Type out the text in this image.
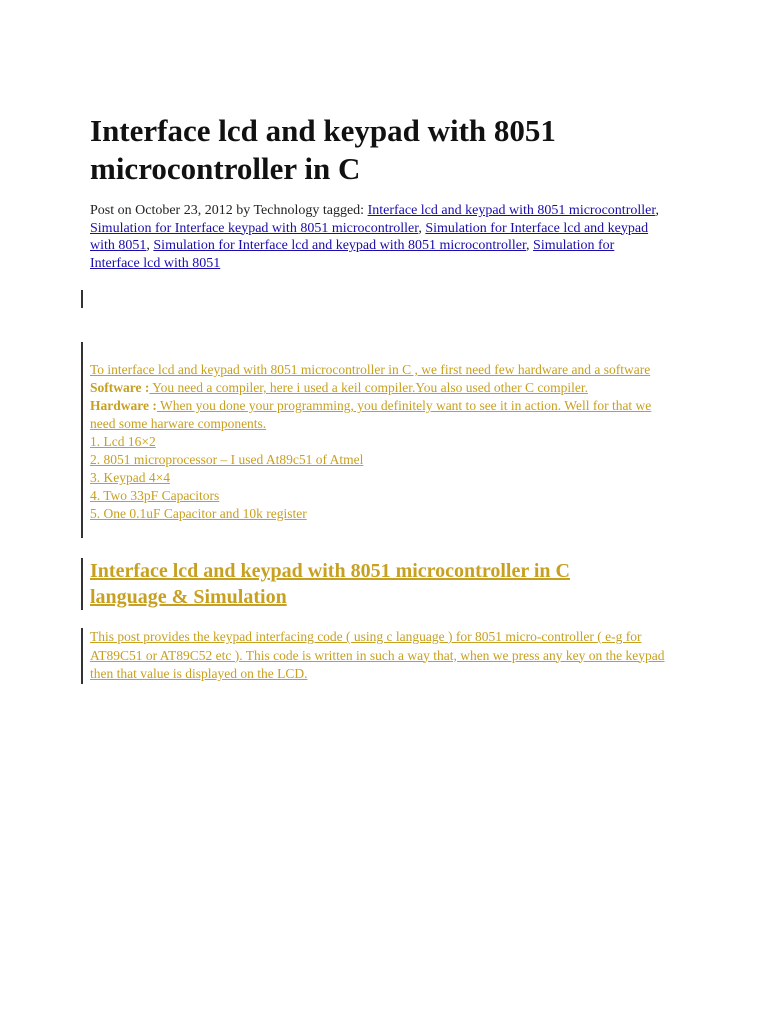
Interface lcd and keypad with 8051 microcontroller in C
Post on October 23, 2012 by Technology tagged: Interface lcd and keypad with 8051 microcontroller, Simulation for Interface keypad with 8051 microcontroller, Simulation for Interface lcd and keypad with 8051, Simulation for Interface lcd and keypad with 8051 microcontroller, Simulation for Interface lcd with 8051
To interface lcd and keypad with 8051 microcontroller in C , we first need few hardware and a software
Software : You need a compiler, here i used a keil compiler.You also used other C compiler.
Hardware : When you done your programming, you definitely want to see it in action. Well for that we need some harware components.

1. Lcd 16×2
2. 8051 microprocessor – I used At89c51 of Atmel
3. Keypad 4×4
4. Two 33pF Capacitors
5. One 0.1uF Capacitor and 10k register
Interface lcd and keypad with 8051 microcontroller in C language & Simulation
This post provides the keypad interfacing code ( using c language ) for 8051 micro-controller ( e-g for AT89C51 or AT89C52 etc ). This code is written in such a way that, when we press any key on the keypad then that value is displayed on the LCD.
